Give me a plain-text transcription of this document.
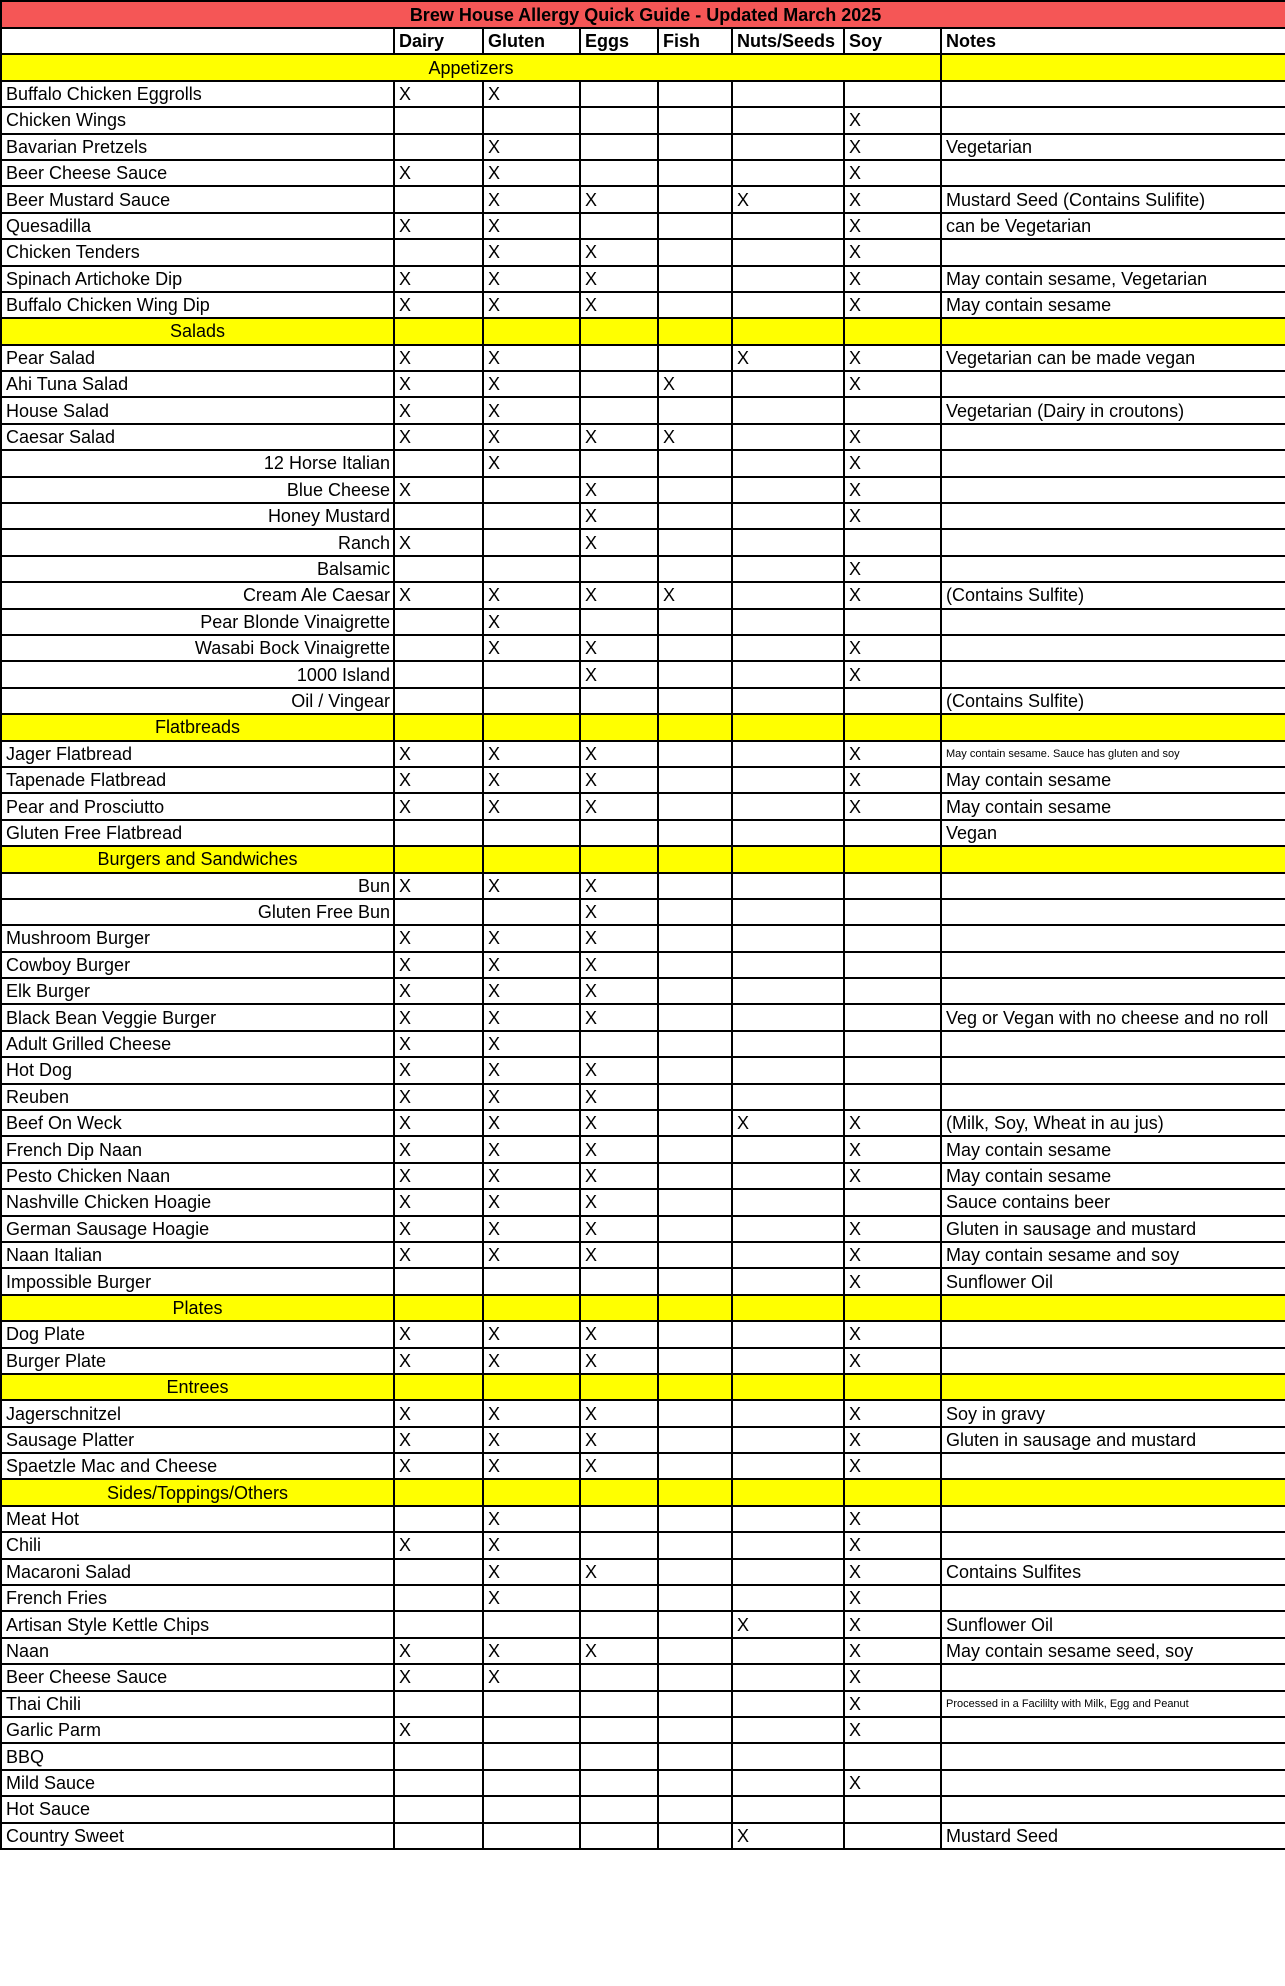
Brew House Allergy Quick Guide - Updated March 2025							
	Dairy	Gluten	Eggs	Fish	Nuts/Seeds	Soy	Notes
Appetizers							
Buffalo Chicken Eggrolls	X	X					
Chicken Wings						X	
Bavarian Pretzels		X				X	Vegetarian
Beer Cheese Sauce	X	X				X	
Beer Mustard Sauce		X	X		X	X	Mustard Seed (Contains Sulifite)
Quesadilla	X	X				X	can be Vegetarian
Chicken Tenders		X	X			X	
Spinach Artichoke Dip	X	X	X			X	May contain sesame, Vegetarian
Buffalo Chicken Wing Dip	X	X	X			X	May contain sesame
Salads							
Pear Salad	X	X			X	X	Vegetarian can be made vegan
Ahi Tuna Salad	X	X		X		X	
House Salad	X	X					Vegetarian (Dairy in croutons)
Caesar Salad	X	X	X	X		X	
12 Horse Italian		X				X	
Blue Cheese	X		X			X	
Honey Mustard			X			X	
Ranch	X		X				
Balsamic						X	
Cream Ale Caesar	X	X	X	X		X	(Contains Sulfite)
Pear Blonde Vinaigrette		X					
Wasabi Bock Vinaigrette		X	X			X	
1000 Island			X			X	
Oil / Vingear							(Contains Sulfite)
Flatbreads							
Jager Flatbread	X	X	X			X	May contain sesame. Sauce has gluten and soy
Tapenade Flatbread	X	X	X			X	May contain sesame
Pear and Prosciutto	X	X	X			X	May contain sesame
Gluten Free Flatbread							Vegan
Burgers and Sandwiches							
Bun	X	X	X				
Gluten Free Bun			X				
Mushroom Burger	X	X	X				
Cowboy Burger	X	X	X				
Elk Burger	X	X	X				
Black Bean Veggie Burger	X	X	X				Veg or Vegan with no cheese and no roll
Adult Grilled Cheese	X	X					
Hot Dog	X	X	X				
Reuben	X	X	X				
Beef On Weck	X	X	X		X	X	(Milk, Soy, Wheat in au jus)
French Dip Naan	X	X	X			X	May contain sesame
Pesto Chicken Naan	X	X	X			X	May contain sesame
Nashville Chicken Hoagie	X	X	X				Sauce contains beer
German Sausage Hoagie	X	X	X			X	Gluten in sausage and mustard
Naan Italian	X	X	X			X	May contain sesame and soy
Impossible Burger						X	Sunflower Oil
Plates							
Dog Plate	X	X	X			X	
Burger Plate	X	X	X			X	
Entrees							
Jagerschnitzel	X	X	X			X	Soy in gravy
Sausage Platter	X	X	X			X	Gluten in sausage and mustard
Spaetzle Mac and Cheese	X	X	X			X	
Sides/Toppings/Others							
Meat Hot		X				X	
Chili	X	X				X	
Macaroni Salad		X	X			X	Contains Sulfites
French Fries		X				X	
Artisan Style Kettle Chips					X	X	Sunflower Oil
Naan	X	X	X			X	May contain sesame seed, soy
Beer Cheese Sauce	X	X				X	
Thai Chili						X	Processed in a Facililty with Milk, Egg and Peanut
Garlic Parm	X					X	
BBQ							
Mild Sauce						X	
Hot Sauce							
Country Sweet					X		Mustard Seed
